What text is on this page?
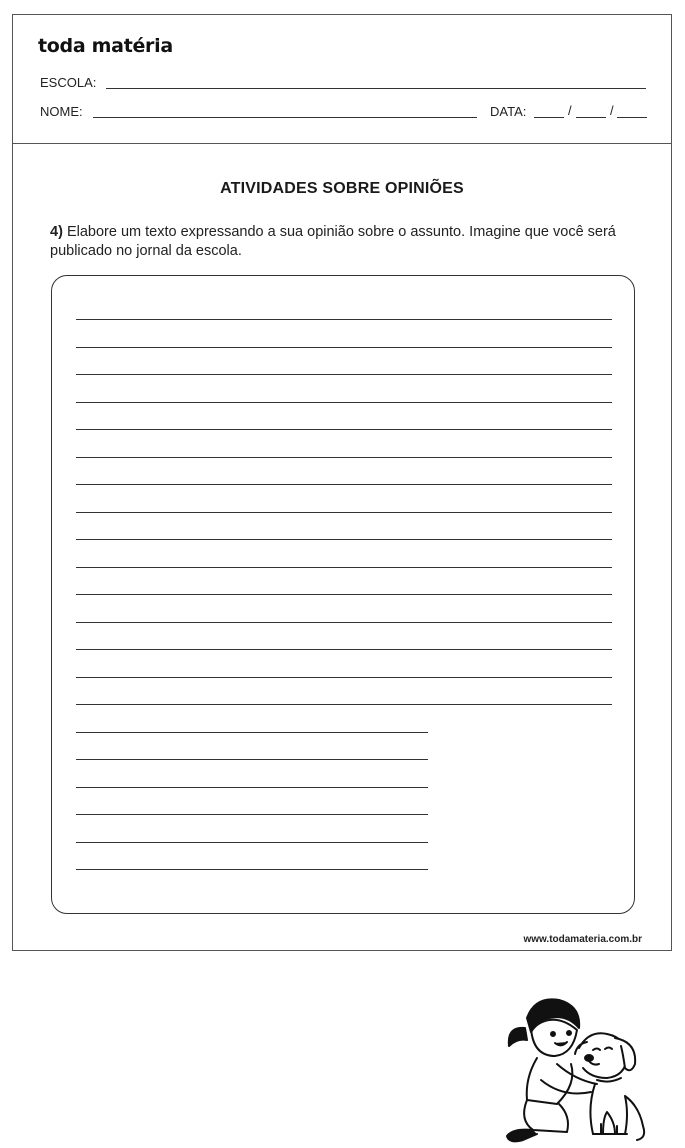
toda matéria
ESCOLA:
NOME:	DATA:	/	/
ATIVIDADES SOBRE OPINIÕES
4) Elabore um texto expressando a sua opinião sobre o assunto. Imagine que você será publicado no jornal da escola.
www.todamateria.com.br
